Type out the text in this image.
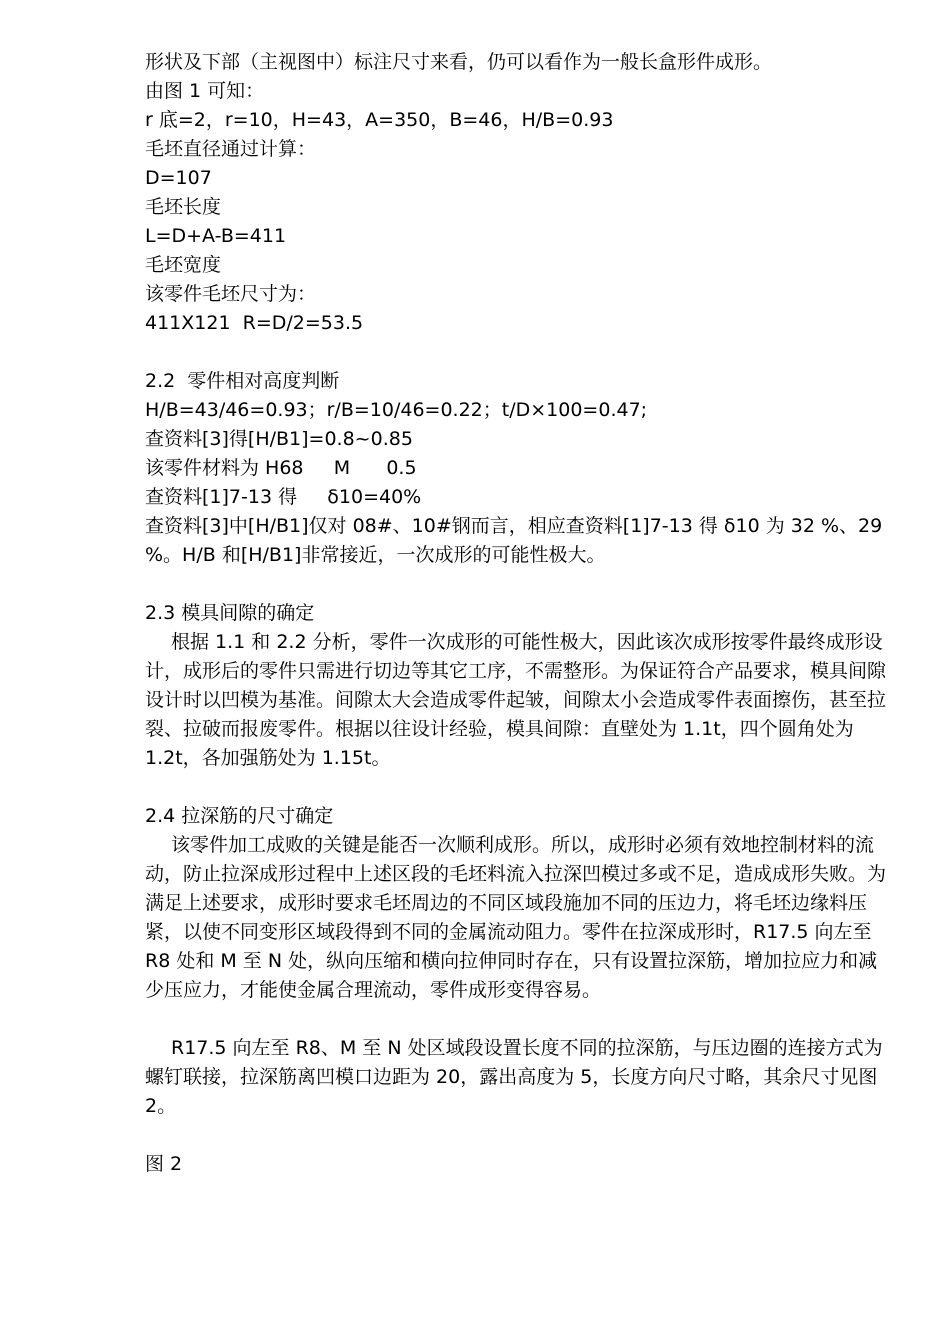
形状及下部（主视图中）标注尺寸来看，仍可以看作为一般长盒形件成形。
由图 1 可知：
r 底=2，r=10，H=43，A=350，B=46，H/B=0.93
毛坯直径通过计算：
D=107
毛坯长度
L=D+A-B=411
毛坯宽度
该零件毛坯尺寸为：
411X121  R=D/2=53.5
2.2  零件相对高度判断
H/B=43/46=0.93；r/B=10/46=0.22；t/D×100=0.47;
查资料[3]得[H/B1]=0.8~0.85
该零件材料为 H68     M      0.5
查资料[1]7-13 得     δ10=40%
查资料[3]中[H/B1]仅对 08#、10#钢而言，相应查资料[1]7-13 得 δ10 为 32 %、29 %。H/B 和[H/B1]非常接近，一次成形的可能性极大。
2.3 模具间隙的确定
根据 1.1 和 2.2 分析，零件一次成形的可能性极大，因此该次成形按零件最终成形设计，成形后的零件只需进行切边等其它工序，不需整形。为保证符合产品要求，模具间隙设计时以凹模为基准。间隙太大会造成零件起皱，间隙太小会造成零件表面擦伤，甚至拉裂、拉破而报废零件。根据以往设计经验，模具间隙：直壁处为 1.1t，四个圆角处为 1.2t，各加强筋处为 1.15t。
2.4 拉深筋的尺寸确定
该零件加工成败的关键是能否一次顺利成形。所以，成形时必须有效地控制材料的流动，防止拉深成形过程中上述区段的毛坯料流入拉深凹模过多或不足，造成成形失败。为满足上述要求，成形时要求毛坯周边的不同区域段施加不同的压边力，将毛坯边缘料压紧，以使不同变形区域段得到不同的金属流动阻力。零件在拉深成形时，R17.5 向左至 R8 处和 M 至 N 处，纵向压缩和横向拉伸同时存在，只有设置拉深筋，增加拉应力和减少压应力，才能使金属合理流动，零件成形变得容易。
R17.5 向左至 R8、M 至 N 处区域段设置长度不同的拉深筋，与压边圈的连接方式为螺钉联接，拉深筋离凹模口边距为 20，露出高度为 5，长度方向尺寸略，其余尺寸见图 2。
图 2
